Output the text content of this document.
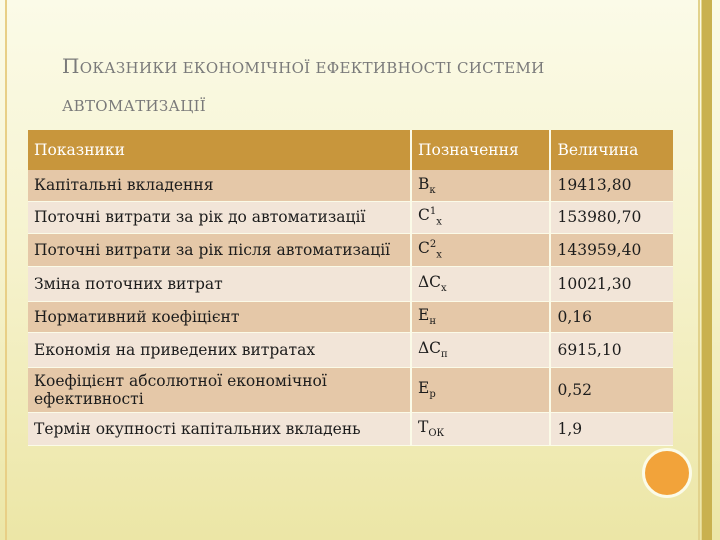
ПОКАЗНИКИ ЕКОНОМІЧНОЇ ЕФЕКТИВНОСТІ СИСТЕМИ
АВТОМАТИЗАЦІЇ
Показники	Позначення	Величина
Капітальні вкладення	$В_к$	19413,80
Поточні витрати за рік до автоматизації	$С^1_х$	153980,70
Поточні витрати за рік після автоматизації	$С^2_х$	143959,40
Зміна поточних витрат	$\Delta С_х$	10021,30
Нормативний коефіцієнт	$Е_н$	0,16
Економія на приведених витратах	$\Delta С_п$	6915,10
Коефіцієнт абсолютної економічної ефективності	$Е_р$	0,52
Термін окупності капітальних вкладень	$Т_{ОК}$	1,9
